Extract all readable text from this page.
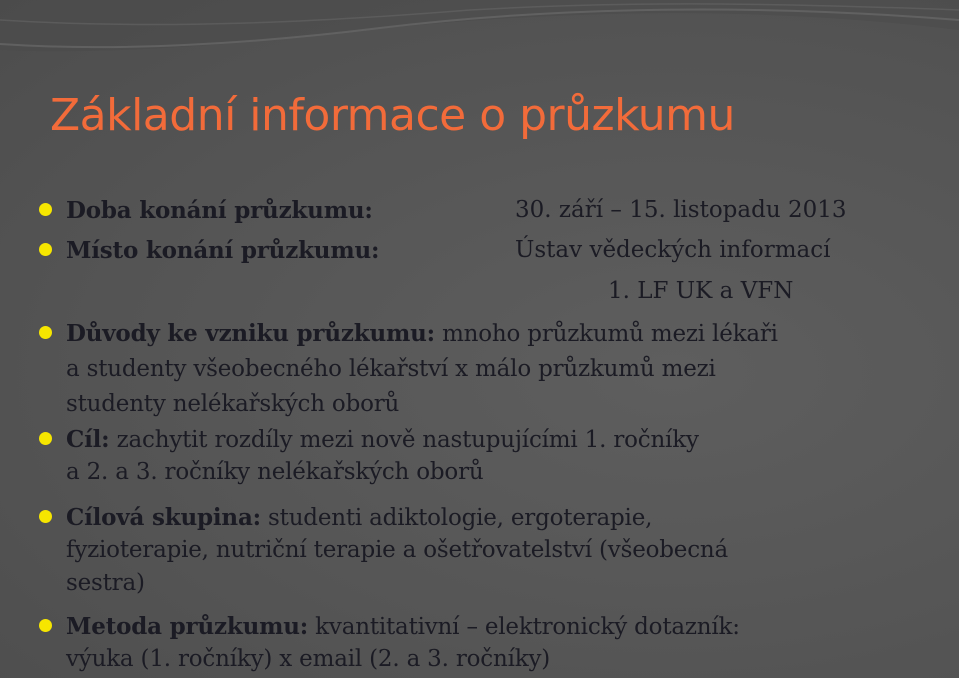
Základní informace o průzkumu
Doba konání průzkumu:	30. září – 15. listopadu 2013
Místo konání průzkumu:	Ústav vědeckých informací
1. LF UK a VFN
Důvody ke vzniku průzkumu: mnoho průzkumů mezi lékaři
a studenty všeobecného lékařství x málo průzkumů mezi
studenty nelékařských oborů
Cíl: zachytit rozdíly mezi nově nastupujícími 1. ročníky
a 2. a 3. ročníky nelékařských oborů
Cílová skupina: studenti adiktologie, ergoterapie,
fyzioterapie, nutriční terapie a ošetřovatelství (všeobecná
sestra)
Metoda průzkumu: kvantitativní – elektronický dotazník:
výuka (1. ročníky) x email (2. a 3. ročníky)
